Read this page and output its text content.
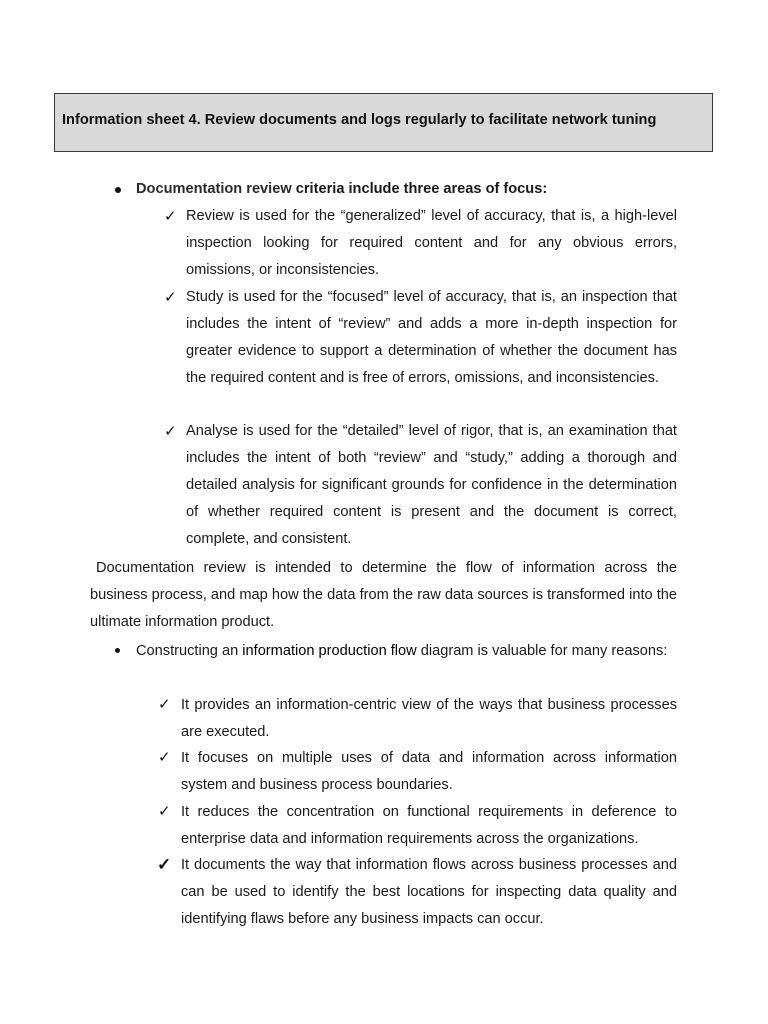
Information sheet 4. Review documents and logs regularly to facilitate network tuning
Documentation review criteria include three areas of focus:
✓ Review is used for the “generalized” level of accuracy, that is, a high-level inspection looking for required content and for any obvious errors, omissions, or inconsistencies.
✓ Study is used for the “focused” level of accuracy, that is, an inspection that includes the intent of “review” and adds a more in-depth inspection for greater evidence to support a determination of whether the document has the required content and is free of errors, omissions, and inconsistencies.
✓ Analyse is used for the “detailed” level of rigor, that is, an examination that includes the intent of both “review” and “study,” adding a thorough and detailed analysis for significant grounds for confidence in the determination of whether required content is present and the document is correct, complete, and consistent.
Documentation review is intended to determine the flow of information across the business process, and map how the data from the raw data sources is transformed into the ultimate information product.
Constructing an information production flow diagram is valuable for many reasons:
✓ It provides an information-centric view of the ways that business processes are executed.
✓ It focuses on multiple uses of data and information across information system and business process boundaries.
✓ It reduces the concentration on functional requirements in deference to enterprise data and information requirements across the organizations.
✓ It documents the way that information flows across business processes and can be used to identify the best locations for inspecting data quality and identifying flaws before any business impacts can occur.
